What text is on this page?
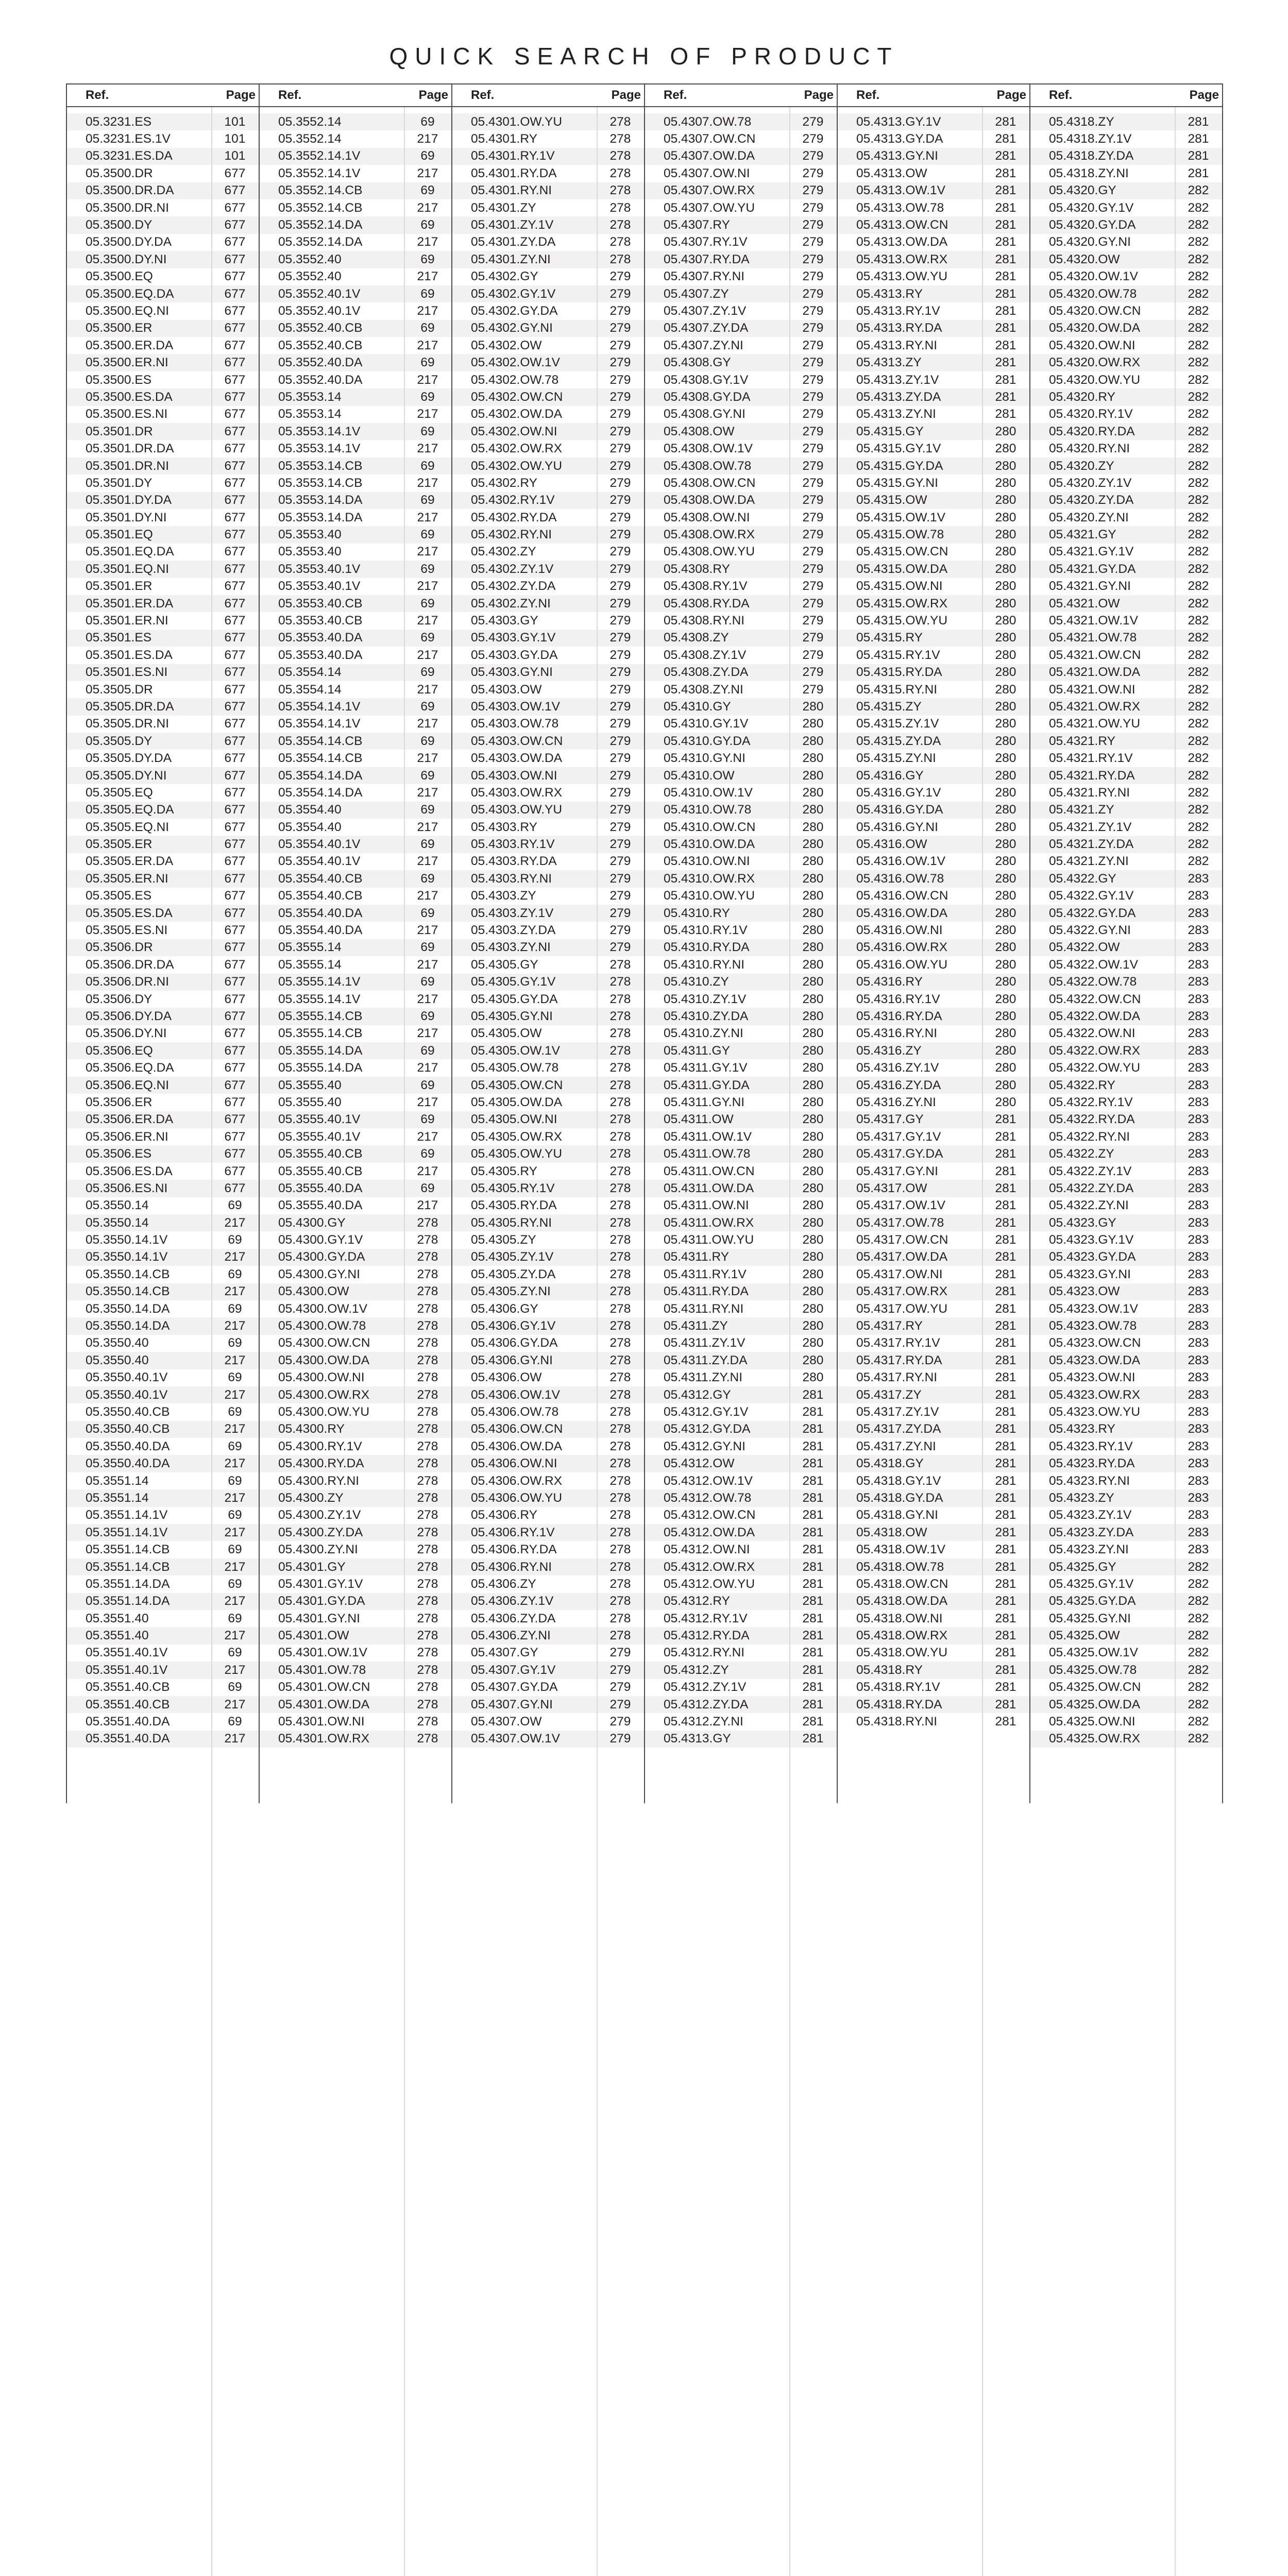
QUICK SEARCH OF PRODUCT
Ref.	Page
05.3231.ES	101
05.3231.ES.1V	101
05.3231.ES.DA	101
05.3500.DR	677
05.3500.DR.DA	677
05.3500.DR.NI	677
05.3500.DY	677
05.3500.DY.DA	677
05.3500.DY.NI	677
05.3500.EQ	677
05.3500.EQ.DA	677
05.3500.EQ.NI	677
05.3500.ER	677
05.3500.ER.DA	677
05.3500.ER.NI	677
05.3500.ES	677
05.3500.ES.DA	677
05.3500.ES.NI	677
05.3501.DR	677
05.3501.DR.DA	677
05.3501.DR.NI	677
05.3501.DY	677
05.3501.DY.DA	677
05.3501.DY.NI	677
05.3501.EQ	677
05.3501.EQ.DA	677
05.3501.EQ.NI	677
05.3501.ER	677
05.3501.ER.DA	677
05.3501.ER.NI	677
05.3501.ES	677
05.3501.ES.DA	677
05.3501.ES.NI	677
05.3505.DR	677
05.3505.DR.DA	677
05.3505.DR.NI	677
05.3505.DY	677
05.3505.DY.DA	677
05.3505.DY.NI	677
05.3505.EQ	677
05.3505.EQ.DA	677
05.3505.EQ.NI	677
05.3505.ER	677
05.3505.ER.DA	677
05.3505.ER.NI	677
05.3505.ES	677
05.3505.ES.DA	677
05.3505.ES.NI	677
05.3506.DR	677
05.3506.DR.DA	677
05.3506.DR.NI	677
05.3506.DY	677
05.3506.DY.DA	677
05.3506.DY.NI	677
05.3506.EQ	677
05.3506.EQ.DA	677
05.3506.EQ.NI	677
05.3506.ER	677
05.3506.ER.DA	677
05.3506.ER.NI	677
05.3506.ES	677
05.3506.ES.DA	677
05.3506.ES.NI	677
05.3550.14	69
05.3550.14	217
05.3550.14.1V	69
05.3550.14.1V	217
05.3550.14.CB	69
05.3550.14.CB	217
05.3550.14.DA	69
05.3550.14.DA	217
05.3550.40	69
05.3550.40	217
05.3550.40.1V	69
05.3550.40.1V	217
05.3550.40.CB	69
05.3550.40.CB	217
05.3550.40.DA	69
05.3550.40.DA	217
05.3551.14	69
05.3551.14	217
05.3551.14.1V	69
05.3551.14.1V	217
05.3551.14.CB	69
05.3551.14.CB	217
05.3551.14.DA	69
05.3551.14.DA	217
05.3551.40	69
05.3551.40	217
05.3551.40.1V	69
05.3551.40.1V	217
05.3551.40.CB	69
05.3551.40.CB	217
05.3551.40.DA	69
05.3551.40.DA	217
Ref.	Page
05.3552.14	69
05.3552.14	217
05.3552.14.1V	69
05.3552.14.1V	217
05.3552.14.CB	69
05.3552.14.CB	217
05.3552.14.DA	69
05.3552.14.DA	217
05.3552.40	69
05.3552.40	217
05.3552.40.1V	69
05.3552.40.1V	217
05.3552.40.CB	69
05.3552.40.CB	217
05.3552.40.DA	69
05.3552.40.DA	217
05.3553.14	69
05.3553.14	217
05.3553.14.1V	69
05.3553.14.1V	217
05.3553.14.CB	69
05.3553.14.CB	217
05.3553.14.DA	69
05.3553.14.DA	217
05.3553.40	69
05.3553.40	217
05.3553.40.1V	69
05.3553.40.1V	217
05.3553.40.CB	69
05.3553.40.CB	217
05.3553.40.DA	69
05.3553.40.DA	217
05.3554.14	69
05.3554.14	217
05.3554.14.1V	69
05.3554.14.1V	217
05.3554.14.CB	69
05.3554.14.CB	217
05.3554.14.DA	69
05.3554.14.DA	217
05.3554.40	69
05.3554.40	217
05.3554.40.1V	69
05.3554.40.1V	217
05.3554.40.CB	69
05.3554.40.CB	217
05.3554.40.DA	69
05.3554.40.DA	217
05.3555.14	69
05.3555.14	217
05.3555.14.1V	69
05.3555.14.1V	217
05.3555.14.CB	69
05.3555.14.CB	217
05.3555.14.DA	69
05.3555.14.DA	217
05.3555.40	69
05.3555.40	217
05.3555.40.1V	69
05.3555.40.1V	217
05.3555.40.CB	69
05.3555.40.CB	217
05.3555.40.DA	69
05.3555.40.DA	217
05.4300.GY	278
05.4300.GY.1V	278
05.4300.GY.DA	278
05.4300.GY.NI	278
05.4300.OW	278
05.4300.OW.1V	278
05.4300.OW.78	278
05.4300.OW.CN	278
05.4300.OW.DA	278
05.4300.OW.NI	278
05.4300.OW.RX	278
05.4300.OW.YU	278
05.4300.RY	278
05.4300.RY.1V	278
05.4300.RY.DA	278
05.4300.RY.NI	278
05.4300.ZY	278
05.4300.ZY.1V	278
05.4300.ZY.DA	278
05.4300.ZY.NI	278
05.4301.GY	278
05.4301.GY.1V	278
05.4301.GY.DA	278
05.4301.GY.NI	278
05.4301.OW	278
05.4301.OW.1V	278
05.4301.OW.78	278
05.4301.OW.CN	278
05.4301.OW.DA	278
05.4301.OW.NI	278
05.4301.OW.RX	278
Ref.	Page
05.4301.OW.YU	278
05.4301.RY	278
05.4301.RY.1V	278
05.4301.RY.DA	278
05.4301.RY.NI	278
05.4301.ZY	278
05.4301.ZY.1V	278
05.4301.ZY.DA	278
05.4301.ZY.NI	278
05.4302.GY	279
05.4302.GY.1V	279
05.4302.GY.DA	279
05.4302.GY.NI	279
05.4302.OW	279
05.4302.OW.1V	279
05.4302.OW.78	279
05.4302.OW.CN	279
05.4302.OW.DA	279
05.4302.OW.NI	279
05.4302.OW.RX	279
05.4302.OW.YU	279
05.4302.RY	279
05.4302.RY.1V	279
05.4302.RY.DA	279
05.4302.RY.NI	279
05.4302.ZY	279
05.4302.ZY.1V	279
05.4302.ZY.DA	279
05.4302.ZY.NI	279
05.4303.GY	279
05.4303.GY.1V	279
05.4303.GY.DA	279
05.4303.GY.NI	279
05.4303.OW	279
05.4303.OW.1V	279
05.4303.OW.78	279
05.4303.OW.CN	279
05.4303.OW.DA	279
05.4303.OW.NI	279
05.4303.OW.RX	279
05.4303.OW.YU	279
05.4303.RY	279
05.4303.RY.1V	279
05.4303.RY.DA	279
05.4303.RY.NI	279
05.4303.ZY	279
05.4303.ZY.1V	279
05.4303.ZY.DA	279
05.4303.ZY.NI	279
05.4305.GY	278
05.4305.GY.1V	278
05.4305.GY.DA	278
05.4305.GY.NI	278
05.4305.OW	278
05.4305.OW.1V	278
05.4305.OW.78	278
05.4305.OW.CN	278
05.4305.OW.DA	278
05.4305.OW.NI	278
05.4305.OW.RX	278
05.4305.OW.YU	278
05.4305.RY	278
05.4305.RY.1V	278
05.4305.RY.DA	278
05.4305.RY.NI	278
05.4305.ZY	278
05.4305.ZY.1V	278
05.4305.ZY.DA	278
05.4305.ZY.NI	278
05.4306.GY	278
05.4306.GY.1V	278
05.4306.GY.DA	278
05.4306.GY.NI	278
05.4306.OW	278
05.4306.OW.1V	278
05.4306.OW.78	278
05.4306.OW.CN	278
05.4306.OW.DA	278
05.4306.OW.NI	278
05.4306.OW.RX	278
05.4306.OW.YU	278
05.4306.RY	278
05.4306.RY.1V	278
05.4306.RY.DA	278
05.4306.RY.NI	278
05.4306.ZY	278
05.4306.ZY.1V	278
05.4306.ZY.DA	278
05.4306.ZY.NI	278
05.4307.GY	279
05.4307.GY.1V	279
05.4307.GY.DA	279
05.4307.GY.NI	279
05.4307.OW	279
05.4307.OW.1V	279
Ref.	Page
05.4307.OW.78	279
05.4307.OW.CN	279
05.4307.OW.DA	279
05.4307.OW.NI	279
05.4307.OW.RX	279
05.4307.OW.YU	279
05.4307.RY	279
05.4307.RY.1V	279
05.4307.RY.DA	279
05.4307.RY.NI	279
05.4307.ZY	279
05.4307.ZY.1V	279
05.4307.ZY.DA	279
05.4307.ZY.NI	279
05.4308.GY	279
05.4308.GY.1V	279
05.4308.GY.DA	279
05.4308.GY.NI	279
05.4308.OW	279
05.4308.OW.1V	279
05.4308.OW.78	279
05.4308.OW.CN	279
05.4308.OW.DA	279
05.4308.OW.NI	279
05.4308.OW.RX	279
05.4308.OW.YU	279
05.4308.RY	279
05.4308.RY.1V	279
05.4308.RY.DA	279
05.4308.RY.NI	279
05.4308.ZY	279
05.4308.ZY.1V	279
05.4308.ZY.DA	279
05.4308.ZY.NI	279
05.4310.GY	280
05.4310.GY.1V	280
05.4310.GY.DA	280
05.4310.GY.NI	280
05.4310.OW	280
05.4310.OW.1V	280
05.4310.OW.78	280
05.4310.OW.CN	280
05.4310.OW.DA	280
05.4310.OW.NI	280
05.4310.OW.RX	280
05.4310.OW.YU	280
05.4310.RY	280
05.4310.RY.1V	280
05.4310.RY.DA	280
05.4310.RY.NI	280
05.4310.ZY	280
05.4310.ZY.1V	280
05.4310.ZY.DA	280
05.4310.ZY.NI	280
05.4311.GY	280
05.4311.GY.1V	280
05.4311.GY.DA	280
05.4311.GY.NI	280
05.4311.OW	280
05.4311.OW.1V	280
05.4311.OW.78	280
05.4311.OW.CN	280
05.4311.OW.DA	280
05.4311.OW.NI	280
05.4311.OW.RX	280
05.4311.OW.YU	280
05.4311.RY	280
05.4311.RY.1V	280
05.4311.RY.DA	280
05.4311.RY.NI	280
05.4311.ZY	280
05.4311.ZY.1V	280
05.4311.ZY.DA	280
05.4311.ZY.NI	280
05.4312.GY	281
05.4312.GY.1V	281
05.4312.GY.DA	281
05.4312.GY.NI	281
05.4312.OW	281
05.4312.OW.1V	281
05.4312.OW.78	281
05.4312.OW.CN	281
05.4312.OW.DA	281
05.4312.OW.NI	281
05.4312.OW.RX	281
05.4312.OW.YU	281
05.4312.RY	281
05.4312.RY.1V	281
05.4312.RY.DA	281
05.4312.RY.NI	281
05.4312.ZY	281
05.4312.ZY.1V	281
05.4312.ZY.DA	281
05.4312.ZY.NI	281
05.4313.GY	281
Ref.	Page
05.4313.GY.1V	281
05.4313.GY.DA	281
05.4313.GY.NI	281
05.4313.OW	281
05.4313.OW.1V	281
05.4313.OW.78	281
05.4313.OW.CN	281
05.4313.OW.DA	281
05.4313.OW.RX	281
05.4313.OW.YU	281
05.4313.RY	281
05.4313.RY.1V	281
05.4313.RY.DA	281
05.4313.RY.NI	281
05.4313.ZY	281
05.4313.ZY.1V	281
05.4313.ZY.DA	281
05.4313.ZY.NI	281
05.4315.GY	280
05.4315.GY.1V	280
05.4315.GY.DA	280
05.4315.GY.NI	280
05.4315.OW	280
05.4315.OW.1V	280
05.4315.OW.78	280
05.4315.OW.CN	280
05.4315.OW.DA	280
05.4315.OW.NI	280
05.4315.OW.RX	280
05.4315.OW.YU	280
05.4315.RY	280
05.4315.RY.1V	280
05.4315.RY.DA	280
05.4315.RY.NI	280
05.4315.ZY	280
05.4315.ZY.1V	280
05.4315.ZY.DA	280
05.4315.ZY.NI	280
05.4316.GY	280
05.4316.GY.1V	280
05.4316.GY.DA	280
05.4316.GY.NI	280
05.4316.OW	280
05.4316.OW.1V	280
05.4316.OW.78	280
05.4316.OW.CN	280
05.4316.OW.DA	280
05.4316.OW.NI	280
05.4316.OW.RX	280
05.4316.OW.YU	280
05.4316.RY	280
05.4316.RY.1V	280
05.4316.RY.DA	280
05.4316.RY.NI	280
05.4316.ZY	280
05.4316.ZY.1V	280
05.4316.ZY.DA	280
05.4316.ZY.NI	280
05.4317.GY	281
05.4317.GY.1V	281
05.4317.GY.DA	281
05.4317.GY.NI	281
05.4317.OW	281
05.4317.OW.1V	281
05.4317.OW.78	281
05.4317.OW.CN	281
05.4317.OW.DA	281
05.4317.OW.NI	281
05.4317.OW.RX	281
05.4317.OW.YU	281
05.4317.RY	281
05.4317.RY.1V	281
05.4317.RY.DA	281
05.4317.RY.NI	281
05.4317.ZY	281
05.4317.ZY.1V	281
05.4317.ZY.DA	281
05.4317.ZY.NI	281
05.4318.GY	281
05.4318.GY.1V	281
05.4318.GY.DA	281
05.4318.GY.NI	281
05.4318.OW	281
05.4318.OW.1V	281
05.4318.OW.78	281
05.4318.OW.CN	281
05.4318.OW.DA	281
05.4318.OW.NI	281
05.4318.OW.RX	281
05.4318.OW.YU	281
05.4318.RY	281
05.4318.RY.1V	281
05.4318.RY.DA	281
05.4318.RY.NI	281
Ref.	Page
05.4318.ZY	281
05.4318.ZY.1V	281
05.4318.ZY.DA	281
05.4318.ZY.NI	281
05.4320.GY	282
05.4320.GY.1V	282
05.4320.GY.DA	282
05.4320.GY.NI	282
05.4320.OW	282
05.4320.OW.1V	282
05.4320.OW.78	282
05.4320.OW.CN	282
05.4320.OW.DA	282
05.4320.OW.NI	282
05.4320.OW.RX	282
05.4320.OW.YU	282
05.4320.RY	282
05.4320.RY.1V	282
05.4320.RY.DA	282
05.4320.RY.NI	282
05.4320.ZY	282
05.4320.ZY.1V	282
05.4320.ZY.DA	282
05.4320.ZY.NI	282
05.4321.GY	282
05.4321.GY.1V	282
05.4321.GY.DA	282
05.4321.GY.NI	282
05.4321.OW	282
05.4321.OW.1V	282
05.4321.OW.78	282
05.4321.OW.CN	282
05.4321.OW.DA	282
05.4321.OW.NI	282
05.4321.OW.RX	282
05.4321.OW.YU	282
05.4321.RY	282
05.4321.RY.1V	282
05.4321.RY.DA	282
05.4321.RY.NI	282
05.4321.ZY	282
05.4321.ZY.1V	282
05.4321.ZY.DA	282
05.4321.ZY.NI	282
05.4322.GY	283
05.4322.GY.1V	283
05.4322.GY.DA	283
05.4322.GY.NI	283
05.4322.OW	283
05.4322.OW.1V	283
05.4322.OW.78	283
05.4322.OW.CN	283
05.4322.OW.DA	283
05.4322.OW.NI	283
05.4322.OW.RX	283
05.4322.OW.YU	283
05.4322.RY	283
05.4322.RY.1V	283
05.4322.RY.DA	283
05.4322.RY.NI	283
05.4322.ZY	283
05.4322.ZY.1V	283
05.4322.ZY.DA	283
05.4322.ZY.NI	283
05.4323.GY	283
05.4323.GY.1V	283
05.4323.GY.DA	283
05.4323.GY.NI	283
05.4323.OW	283
05.4323.OW.1V	283
05.4323.OW.78	283
05.4323.OW.CN	283
05.4323.OW.DA	283
05.4323.OW.NI	283
05.4323.OW.RX	283
05.4323.OW.YU	283
05.4323.RY	283
05.4323.RY.1V	283
05.4323.RY.DA	283
05.4323.RY.NI	283
05.4323.ZY	283
05.4323.ZY.1V	283
05.4323.ZY.DA	283
05.4323.ZY.NI	283
05.4325.GY	282
05.4325.GY.1V	282
05.4325.GY.DA	282
05.4325.GY.NI	282
05.4325.OW	282
05.4325.OW.1V	282
05.4325.OW.78	282
05.4325.OW.CN	282
05.4325.OW.DA	282
05.4325.OW.NI	282
05.4325.OW.RX	282
